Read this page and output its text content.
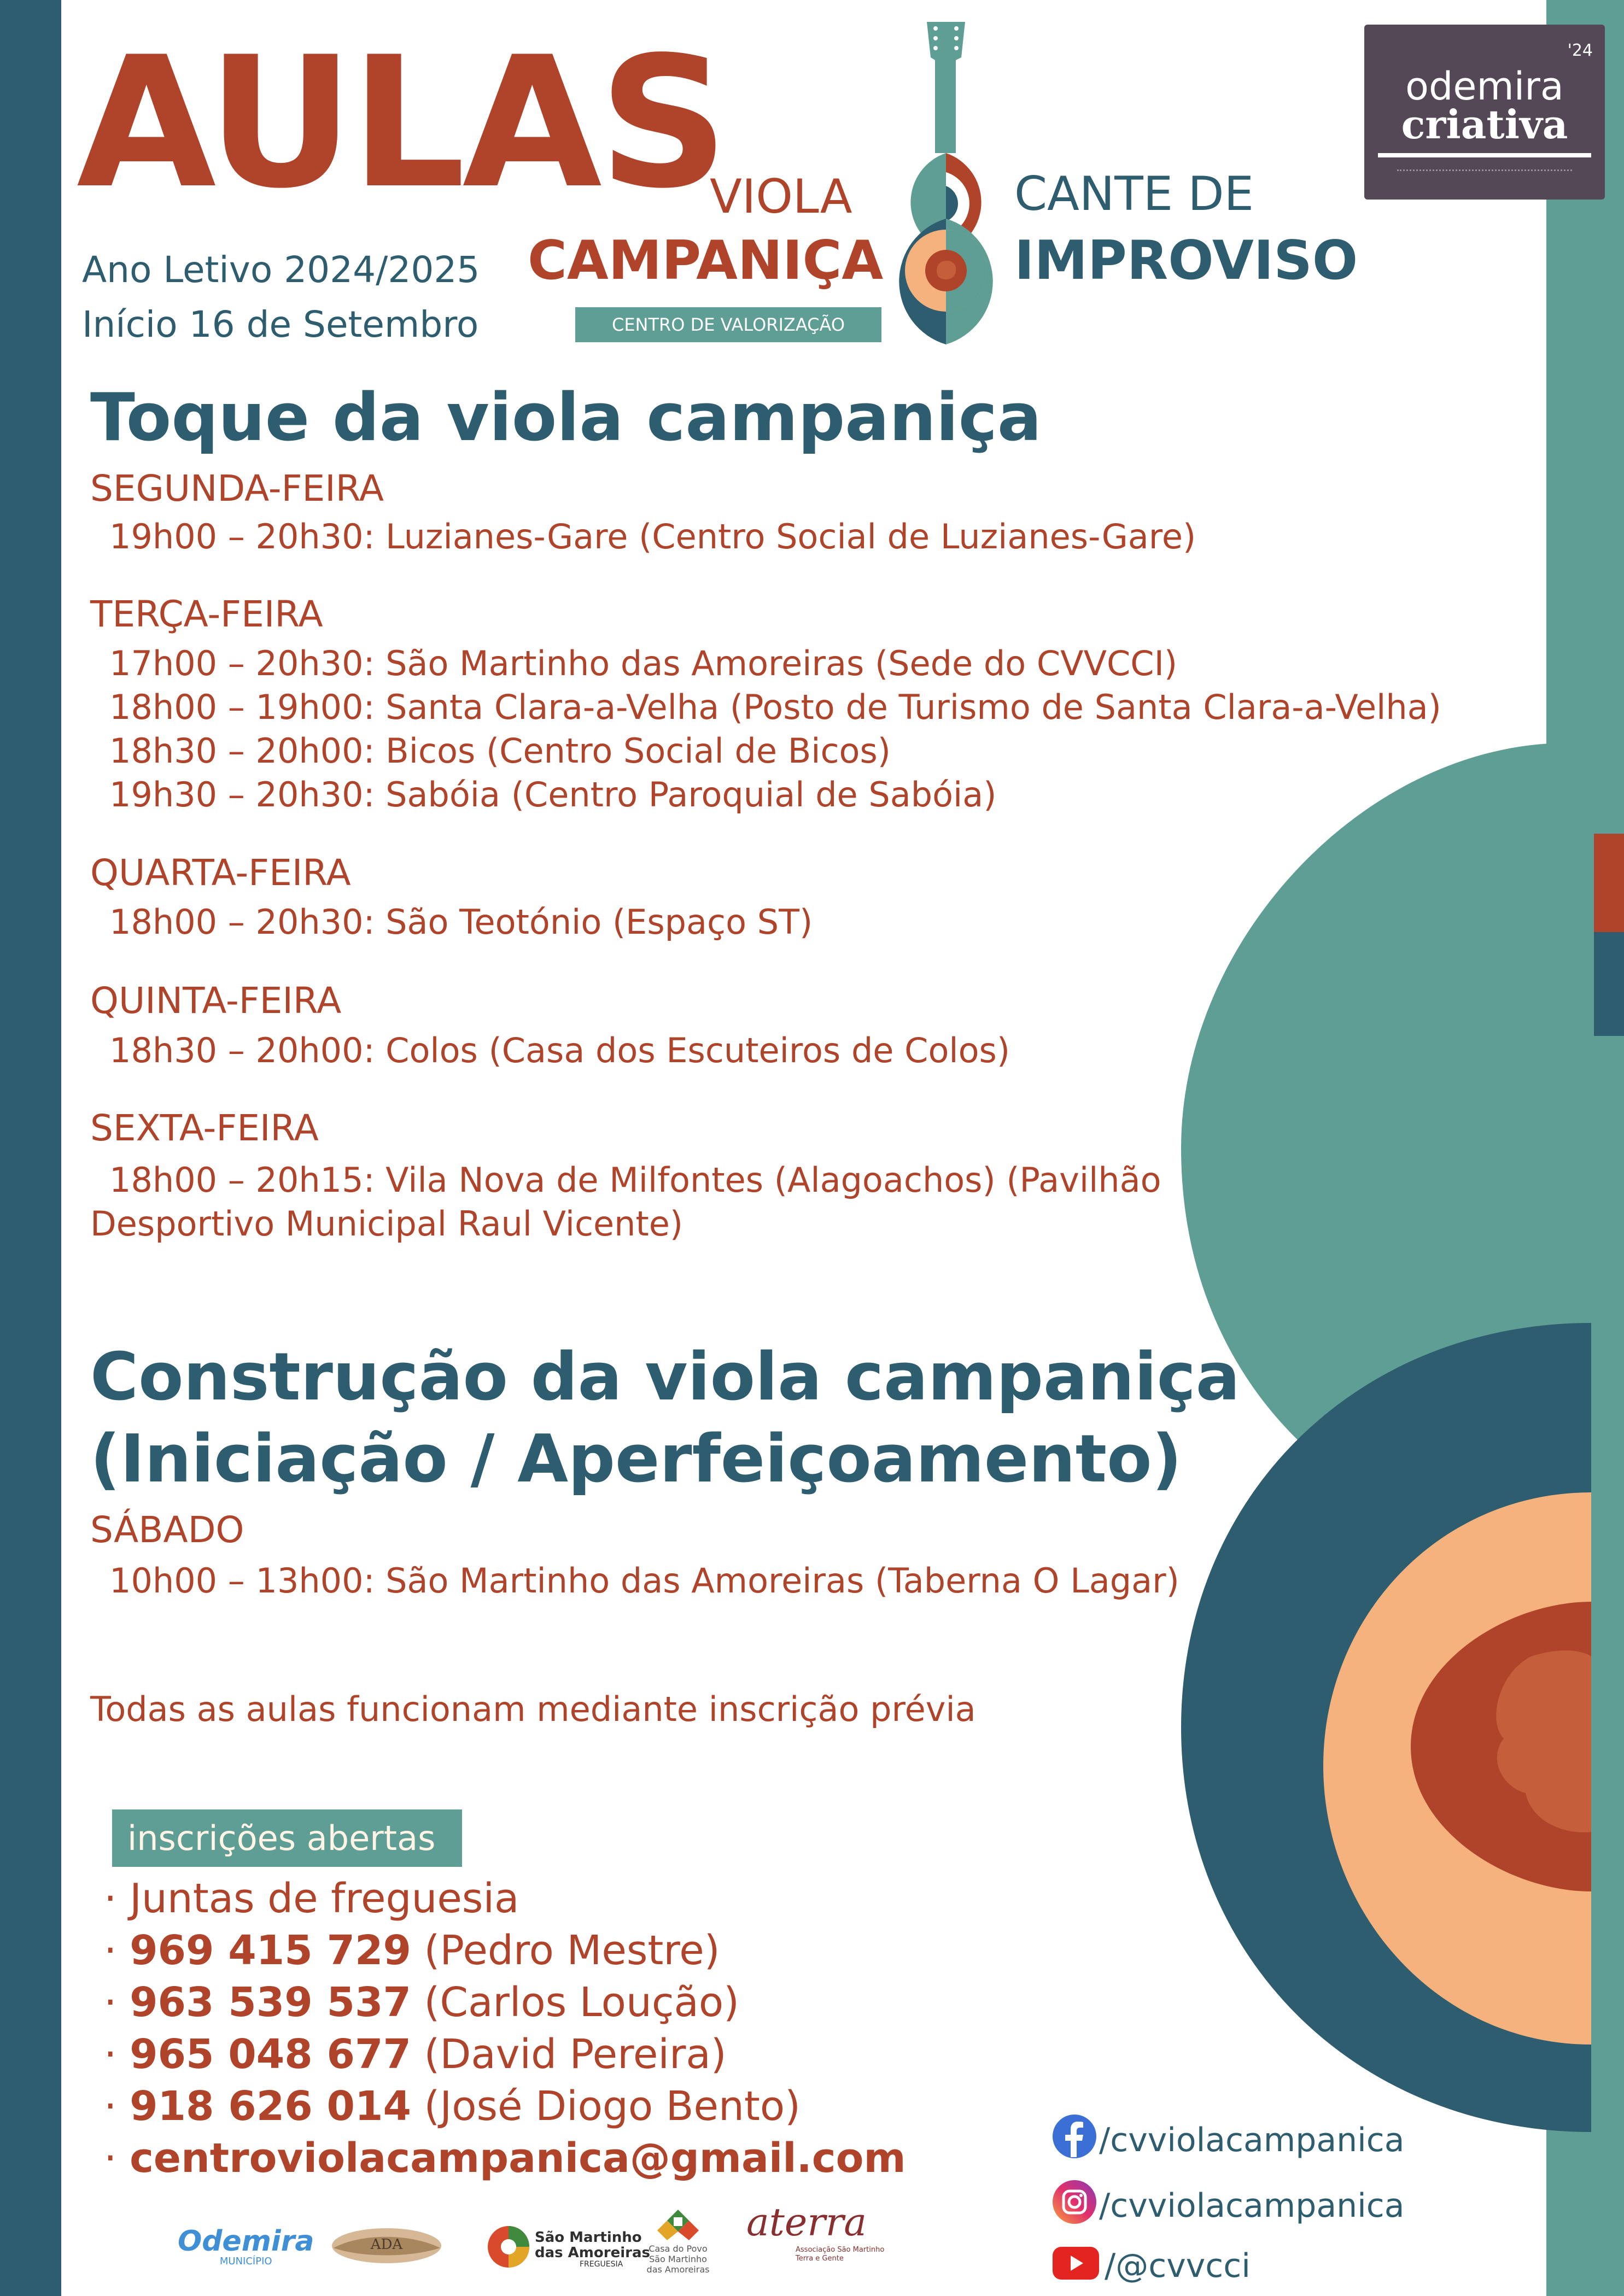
AULAS
Ano Letivo 2024/2025
Início 16 de Setembro
VIOLA
CAMPANIÇA
CENTRO DE VALORIZAÇÃO
CANTE DE
IMPROVISO
'24
odemira
criativa
Toque da viola campaniça
SEGUNDA-FEIRA
19h00 – 20h30: Luzianes-Gare (Centro Social de Luzianes-Gare)
TERÇA-FEIRA
17h00 – 20h30: São Martinho das Amoreiras (Sede do CVVCCI)
18h00 – 19h00: Santa Clara-a-Velha (Posto de Turismo de Santa Clara-a-Velha)
18h30 – 20h00: Bicos (Centro Social de Bicos)
19h30 – 20h30: Sabóia (Centro Paroquial de Sabóia)
QUARTA-FEIRA
18h00 – 20h30: São Teotónio (Espaço ST)
QUINTA-FEIRA
18h30 – 20h00: Colos (Casa dos Escuteiros de Colos)
SEXTA-FEIRA
18h00 – 20h15: Vila Nova de Milfontes (Alagoachos) (Pavilhão
Desportivo Municipal Raul Vicente)
Construção da viola campaniça
(Iniciação / Aperfeiçoamento)
SÁBADO
10h00 – 13h00: São Martinho das Amoreiras (Taberna O Lagar)
Todas as aulas funcionam mediante inscrição prévia
inscrições abertas
· Juntas de freguesia
· 969 415 729 (Pedro Mestre)
· 963 539 537 (Carlos Loução)
· 965 048 677 (David Pereira)
· 918 626 014 (José Diogo Bento)
· centroviolacampanica@gmail.com	/cvviolacampanica
/cvviolacampanica
/@cvvcci
Odemira
MUNICÍPIO
ADA	São Martinho
das Amoreiras
FREGUESIA
Casa do Povo
São Martinho
das Amoreiras
aterra
Associação São Martinho
Terra e Gente
